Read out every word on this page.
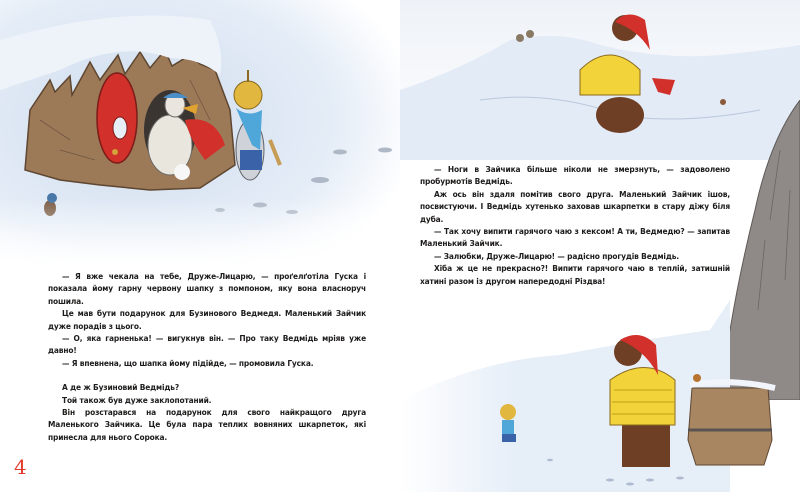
— Я вже чекала на тебе, Друже-Лицарю, — проґелґотіла Гуска і показала йому гарну червону шапку з помпоном, яку вона власноруч пошила.

Це мав бути подарунок для Бузинового Ведмедя. Маленький Зайчик дуже порадів з цього.

— О, яка гарненька! — вигукнув він. — Про таку Ведмідь мріяв уже давно!

— Я впевнена, що шапка йому підійде, — промовила Гуска.

А де ж Бузиновий Ведмідь?

Той також був дуже заклопотаний.

Він розстарався на подарунок для свого найкращого друга Маленького Зайчика. Це була пара теплих вовняних шкарпеток, які принесла для нього Сорока.

4

— Ноги в Зайчика більше ніколи не змерзнуть, — задоволено пробурмотів Ведмідь.

Аж ось він здаля помітив свого друга. Маленький Зайчик ішов, посвистуючи. І Ведмідь хутенько заховав шкарпетки в стару діжу біля дуба.

— Так хочу випити гарячого чаю з кексом! А ти, Ведмедю? — запитав Маленький Зайчик.

— Залюбки, Друже-Лицарю! — радісно прогудів Ведмідь.

Хіба ж це не прекрасно?! Випити гарячого чаю в теплій, затишній хатині разом із другом напередодні Різдва!
